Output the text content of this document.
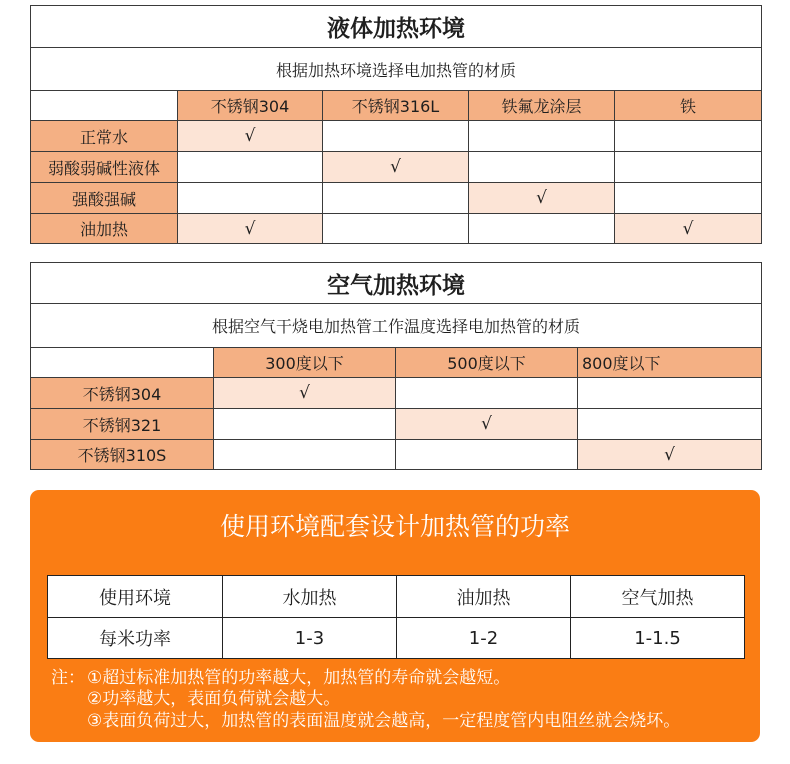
液体加热环境				
根据加热环境选择电加热管的材质				
	不锈钢304	不锈钢316L	铁氟龙涂层	铁
正常水	√			
弱酸弱碱性液体		√		
强酸强碱			√	
油加热	√			√
空气加热环境			
根据空气干烧电加热管工作温度选择电加热管的材质			
	300度以下	500度以下	800度以下
不锈钢304	√		
不锈钢321		√	
不锈钢310S			√
使用环境配套设计加热管的功率
使用环境	水加热	油加热	空气加热
每米功率	1-3	1-2	1-1.5
注： ①超过标准加热管的功率越大，加热管的寿命就会越短。
②功率越大，表面负荷就会越大。
③表面负荷过大，加热管的表面温度就会越高，一定程度管内电阻丝就会烧坏。
